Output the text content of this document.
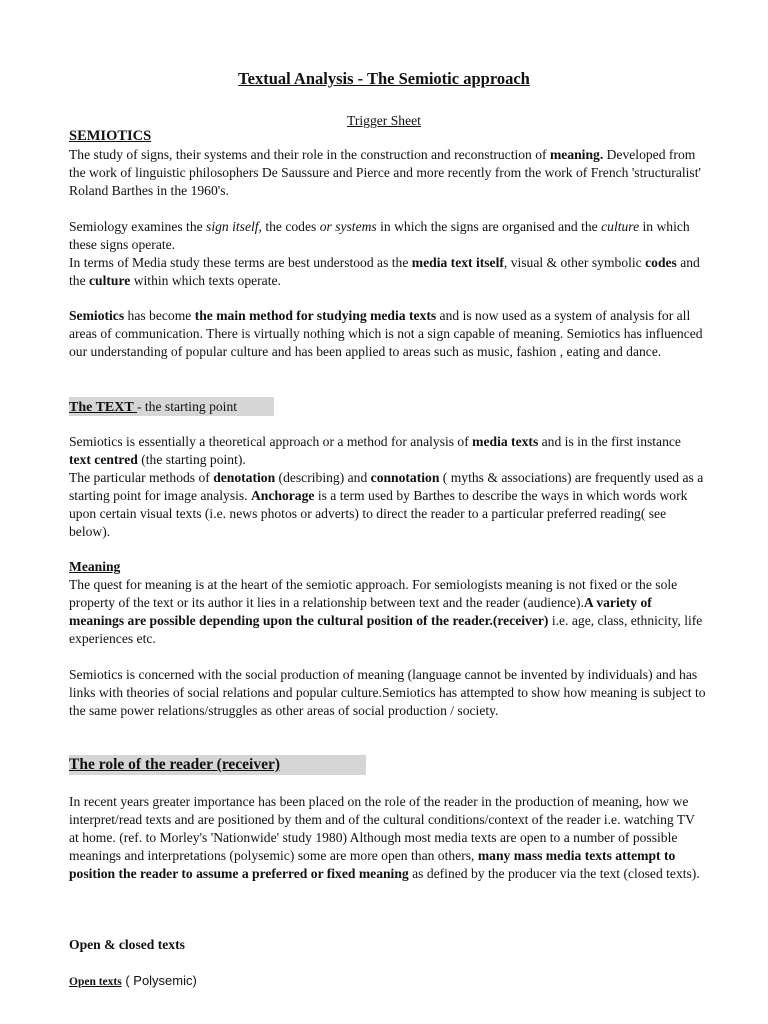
Textual Analysis - The Semiotic approach
Trigger Sheet
SEMIOTICS

The study of signs, their systems and their role in the construction and reconstruction of meaning. Developed from the work of linguistic philosophers De Saussure and Pierce and more recently from the work of French 'structuralist' Roland Barthes in the 1960's.

Semiology examines the sign itself, the codes or systems in which the signs are organised and the culture in which these signs operate.

In terms of Media study these terms are best understood as the media text itself, visual & other symbolic codes and the culture within which texts operate.

Semiotics has become the main method for studying media texts and is now used as a system of analysis for all areas of communication. There is virtually nothing which is not a sign capable of meaning. Semiotics has influenced our understanding of popular culture and has been applied to areas such as music, fashion , eating and dance.

The TEXT - the starting point

Semiotics is essentially a theoretical approach or a method for analysis of media texts and is in the first instance text centred (the starting point).

The particular methods of denotation (describing) and connotation ( myths & associations) are frequently used as a starting point for image analysis. Anchorage is a term used by Barthes to describe the ways in which words work upon certain visual texts (i.e. news photos or adverts) to direct the reader to a particular preferred reading( see below).

Meaning

The quest for meaning is at the heart of the semiotic approach. For semiologists meaning is not fixed or the sole property of the text or its author it lies in a relationship between text and the reader (audience).A variety of meanings are possible depending upon the cultural position of the reader.(receiver) i.e. age, class, ethnicity, life experiences etc.

Semiotics is concerned with the social production of meaning (language cannot be invented by individuals) and has links with theories of social relations and popular culture.Semiotics has attempted to show how meaning is subject to the same power relations/struggles as other areas of social production / society.

The role of the reader (receiver)

In recent years greater importance has been placed on the role of the reader in the production of meaning, how we interpret/read texts and are positioned by them and of the cultural conditions/context of the reader i.e. watching TV at home. (ref. to Morley's 'Nationwide' study 1980) Although most media texts are open to a number of possible meanings and interpretations (polysemic) some are more open than others, many mass media texts attempt to position the reader to assume a preferred or fixed meaning as defined by the producer via the text (closed texts).

Open & closed texts
Open texts ( Polysemic)
